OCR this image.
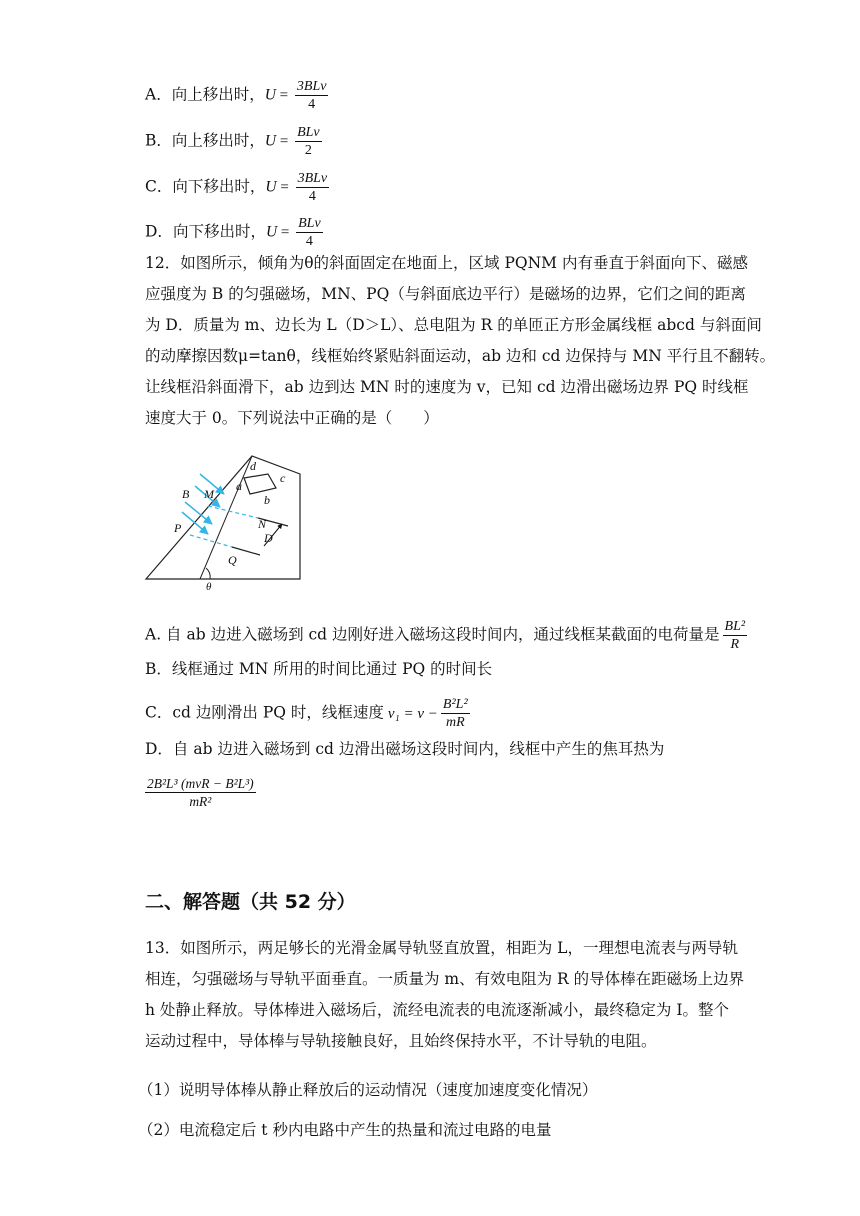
A．向上移出时，$U = \frac{\text{3BLv}}{4}$
B．向上移出时，$U = \frac{\text{BLv}}{2}$
C．向下移出时，$U = \frac{\text{3BLv}}{4}$
D．向下移出时，$U = \frac{\text{BLv}}{4}$
12．如图所示，倾角为θ的斜面固定在地面上，区域 PQNM 内有垂直于斜面向下、磁感
应强度为 B 的匀强磁场，MN、PQ（与斜面底边平行）是磁场的边界，它们之间的距离
为 D．质量为 m、边长为 L（D＞L）、总电阻为 R 的单匝正方形金属线框 abcd 与斜面间
的动摩擦因数μ=tanθ，线框始终紧贴斜面运动，ab 边和 cd 边保持与 MN 平行且不翻转。
让线框沿斜面滑下，ab 边到达 MN 时的速度为 v，已知 cd 边滑出磁场边界 PQ 时线框
速度大于 0。下列说法中正确的是（　　）
d
c
a
b
B M
P	N
D
Q
θ
A. 自 ab 边进入磁场到 cd 边刚好进入磁场这段时间内，通过线框某截面的电荷量是 $\frac{\text{BL²}}{R}$
B．线框通过 MN 所用的时间比通过 PQ 的时间长
C．cd 边刚滑出 PQ 时，线框速度 $v_1 = v - \frac{\text{B²L²}}{mR}$
D．自 ab 边进入磁场到 cd 边滑出磁场这段时间内，线框中产生的焦耳热为
$\frac{\text{2B²L³ (mvR − B²L³)}}{\text{mR²}}$
二、解答题（共 52 分）
13．如图所示，两足够长的光滑金属导轨竖直放置，相距为 L，一理想电流表与两导轨
相连，匀强磁场与导轨平面垂直。一质量为 m、有效电阻为 R 的导体棒在距磁场上边界
h 处静止释放。导体棒进入磁场后，流经电流表的电流逐渐减小，最终稳定为 I。整个
运动过程中，导体棒与导轨接触良好，且始终保持水平，不计导轨的电阻。
（1）说明导体棒从静止释放后的运动情况（速度加速度变化情况）
（2）电流稳定后 t 秒内电路中产生的热量和流过电路的电量
